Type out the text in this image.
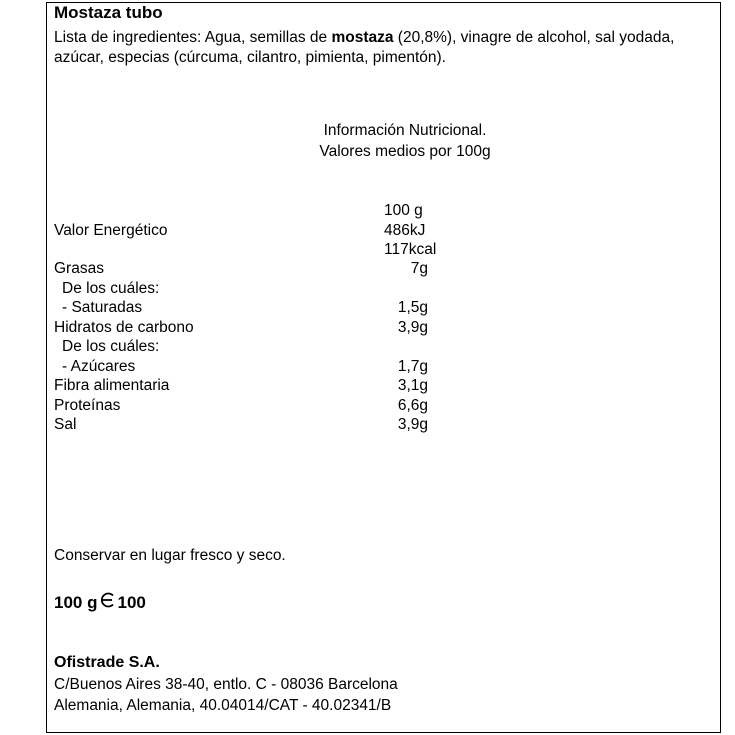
Mostaza tubo
Lista de ingredientes: Agua, semillas de mostaza (20,8%), vinagre de alcohol, sal yodada, azúcar, especias (cúrcuma, cilantro, pimienta, pimentón).
Información Nutricional.
Valores medios por 100g
100 g
Valor Energético	486kJ
117kcal
Grasas	7g
De los cuáles:
- Saturadas	1,5g
Hidratos de carbono	3,9g
De los cuáles:
- Azúcares	1,7g
Fibra alimentaria	3,1g
Proteínas	6,6g
Sal	3,9g
Conservar en lugar fresco y seco.
100 g 100
Ofistrade S.A.
C/Buenos Aires 38-40, entlo. C - 08036 Barcelona
Alemania, Alemania, 40.04014/CAT - 40.02341/B
